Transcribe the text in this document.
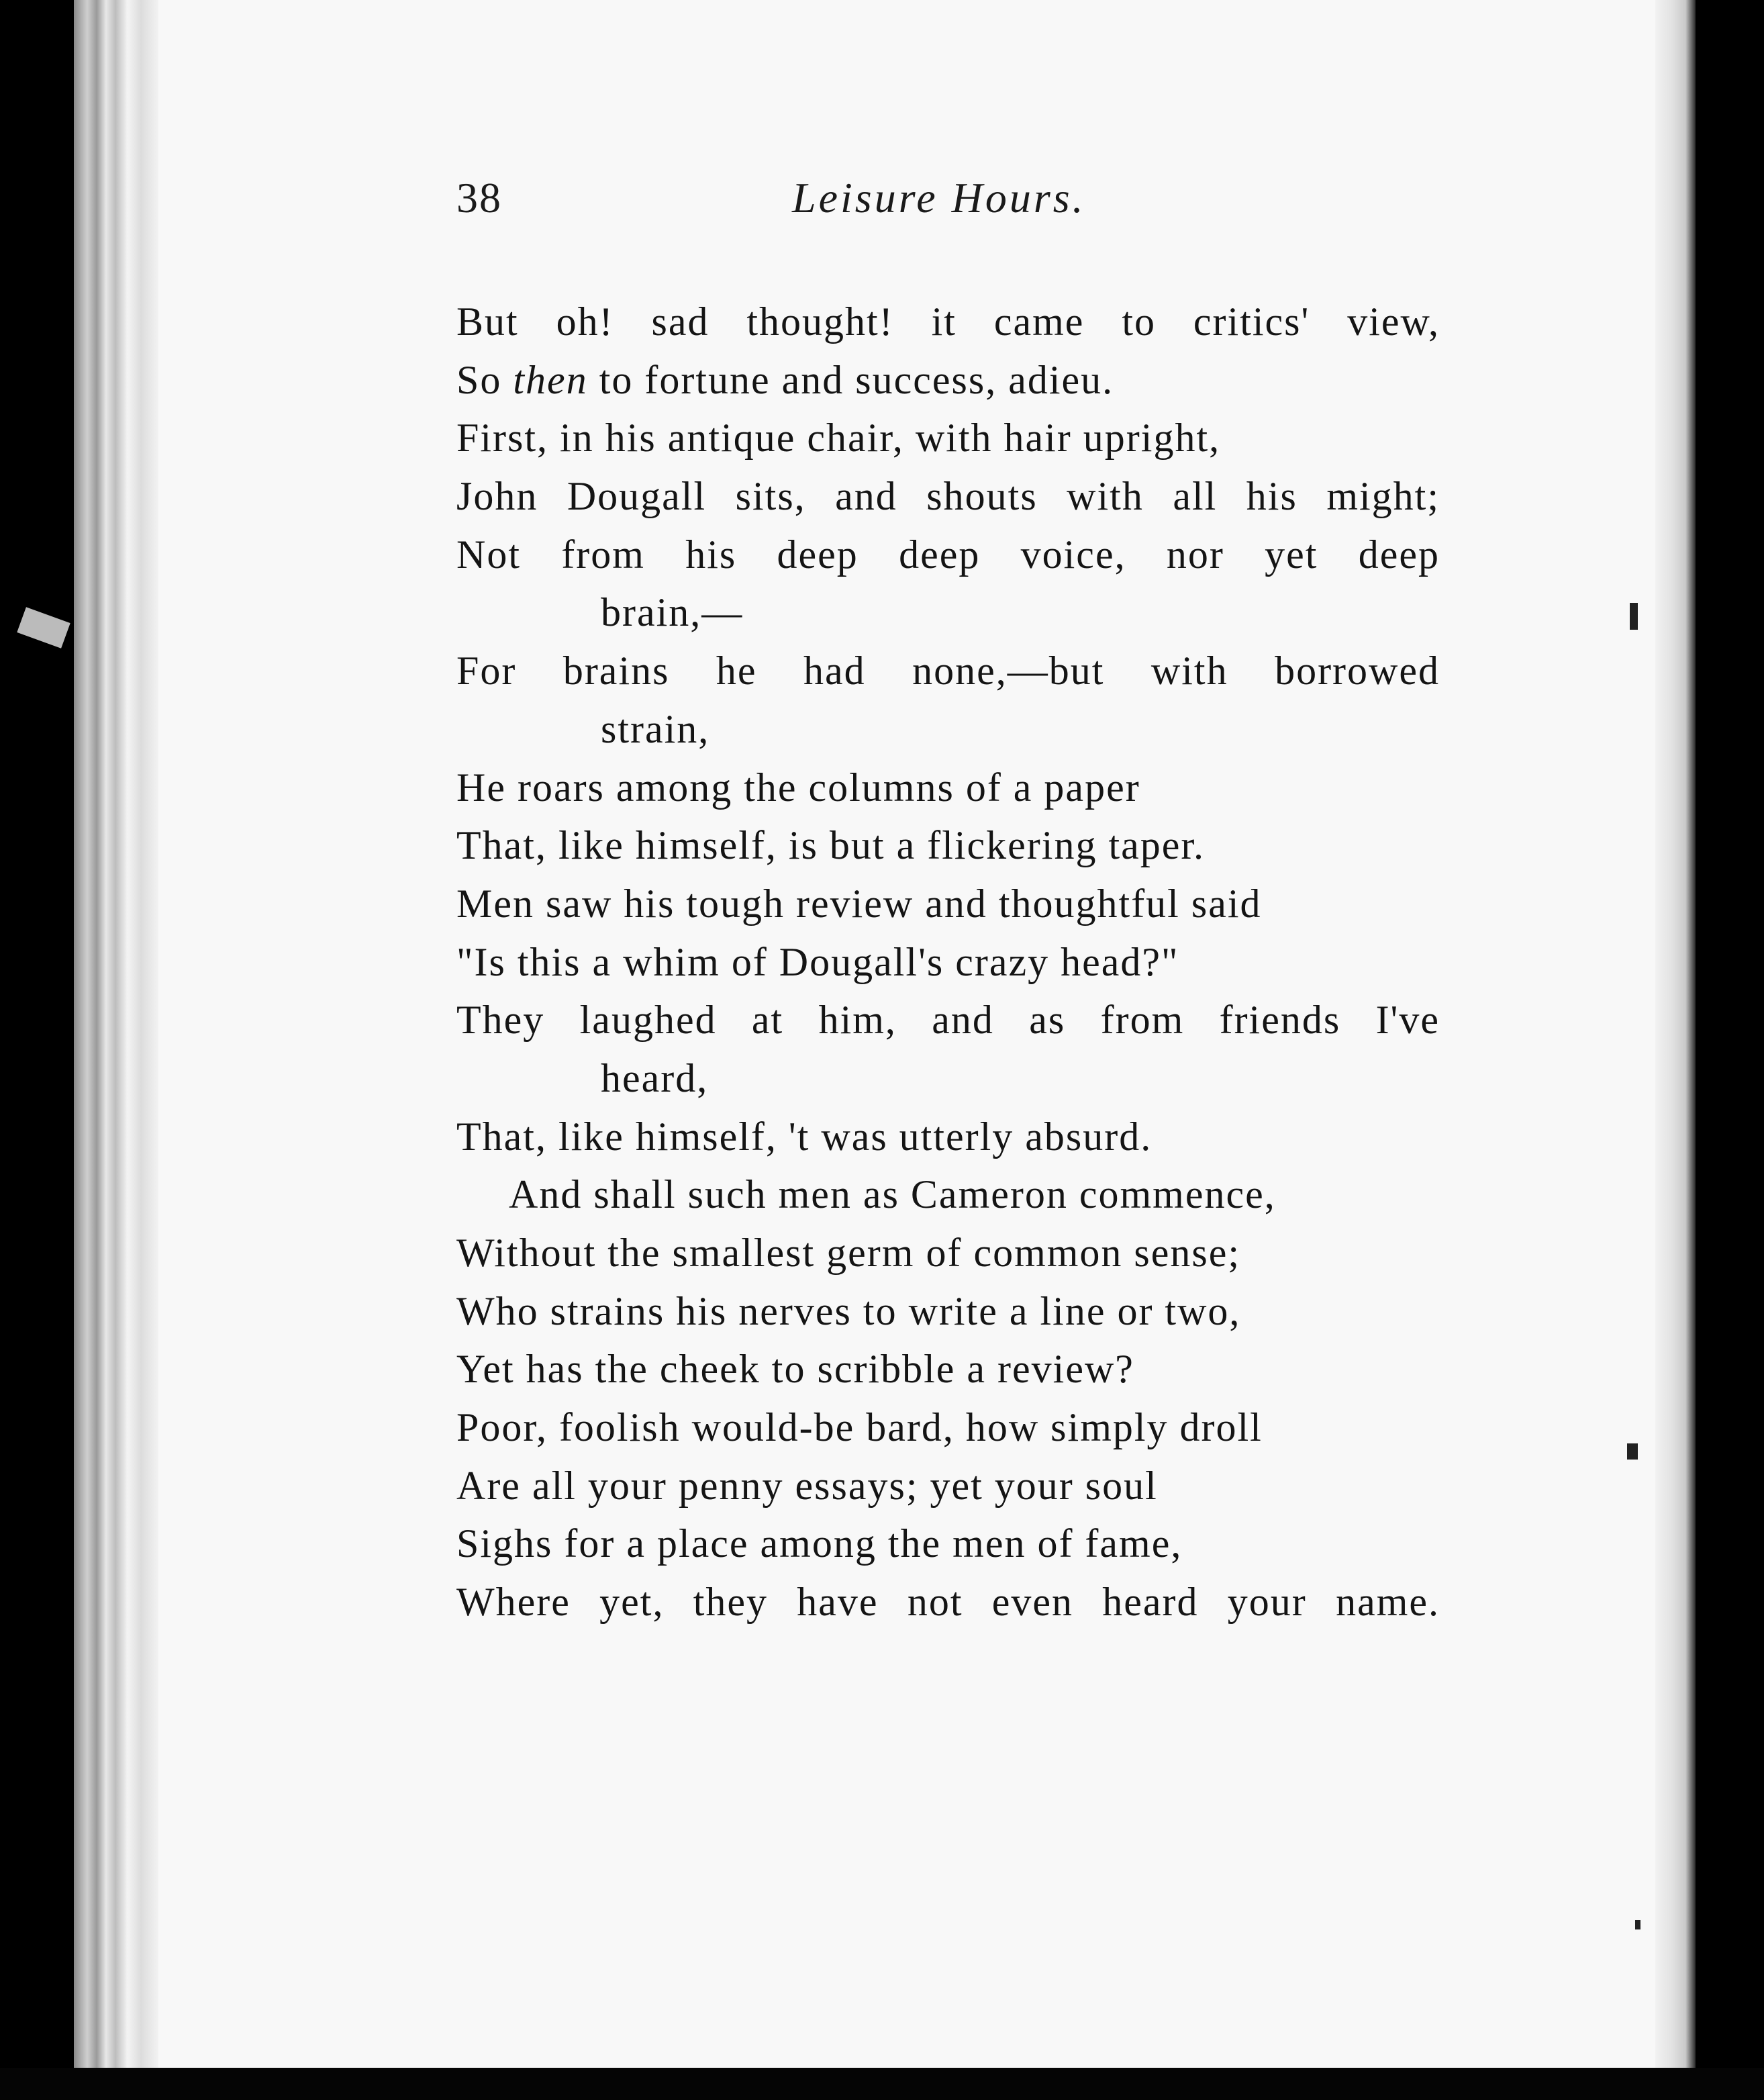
38	Leisure Hours.
But oh! sad thought! it came to critics' view,
So then to fortune and success, adieu.
First, in his antique chair, with hair upright,
John Dougall sits, and shouts with all his might;
Not from his deep deep voice, nor yet deep
brain,—
For brains he had none,—but with borrowed
strain,
He roars among the columns of a paper
That, like himself, is but a flickering taper.
Men saw his tough review and thoughtful said
"Is this a whim of Dougall's crazy head?"
They laughed at him, and as from friends I've
heard,
That, like himself, 't was utterly absurd.
And shall such men as Cameron commence,
Without the smallest germ of common sense;
Who strains his nerves to write a line or two,
Yet has the cheek to scribble a review?
Poor, foolish would-be bard, how simply droll
Are all your penny essays; yet your soul
Sighs for a place among the men of fame,
Where yet, they have not even heard your name.
